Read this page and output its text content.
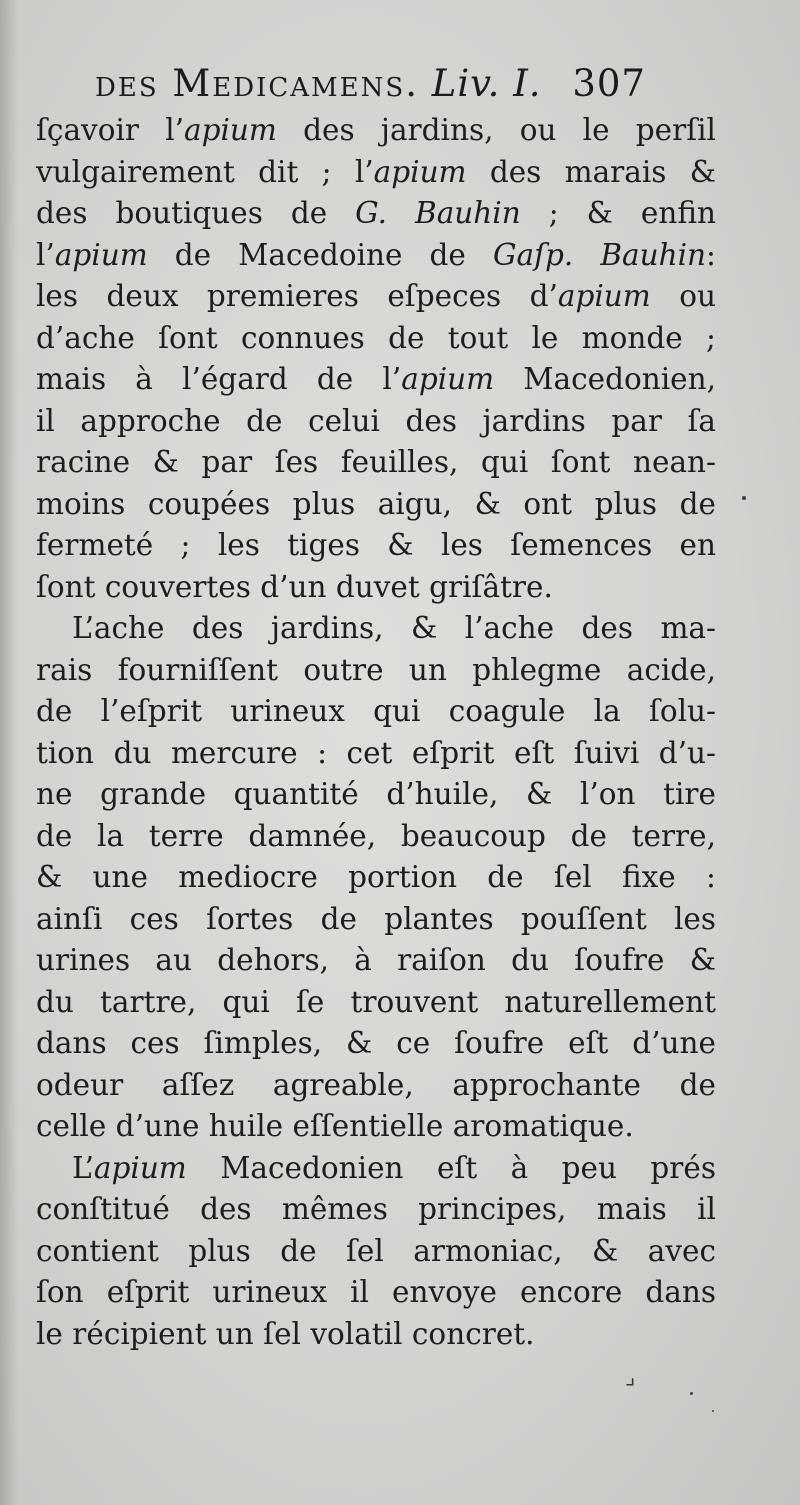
des Medicamens. Liv. I. 307

ſçavoir l’apium des jardins, ou le perſil

vulgairement dit ; l’apium des marais &

des boutiques de G. Bauhin ; & enfin

l’apium de Macedoine de Gaſp. Bauhin:

les deux premieres eſpeces d’apium ou

d’ache ſont connues de tout le monde ;

mais à l’égard de l’apium Macedonien,

il approche de celui des jardins par ſa

racine & par ſes feuilles, qui ſont nean-

moins coupées plus aigu, & ont plus de

fermeté ; les tiges & les ſemences en

ſont couvertes d’un duvet griſâtre.

L’ache des jardins, & l’ache des ma-

rais fourniſſent outre un phlegme acide,

de l’eſprit urineux qui coagule la ſolu-

tion du mercure : cet eſprit eſt ſuivi d’u-

ne grande quantité d’huile, & l’on tire

de la terre damnée, beaucoup de terre,

& une mediocre portion de ſel fixe :

ainſi ces ſortes de plantes pouſſent les

urines au dehors, à raiſon du ſoufre &

du tartre, qui ſe trouvent naturellement

dans ces ſimples, & ce ſoufre eſt d’une

odeur aſſez agreable, approchante de

celle d’une huile eſſentielle aromatique.

L’apium Macedonien eſt à peu prés

conſtitué des mêmes principes, mais il

contient plus de ſel armoniac, & avec

ſon eſprit urineux il envoye encore dans

le récipient un ſel volatil concret.

⌟
